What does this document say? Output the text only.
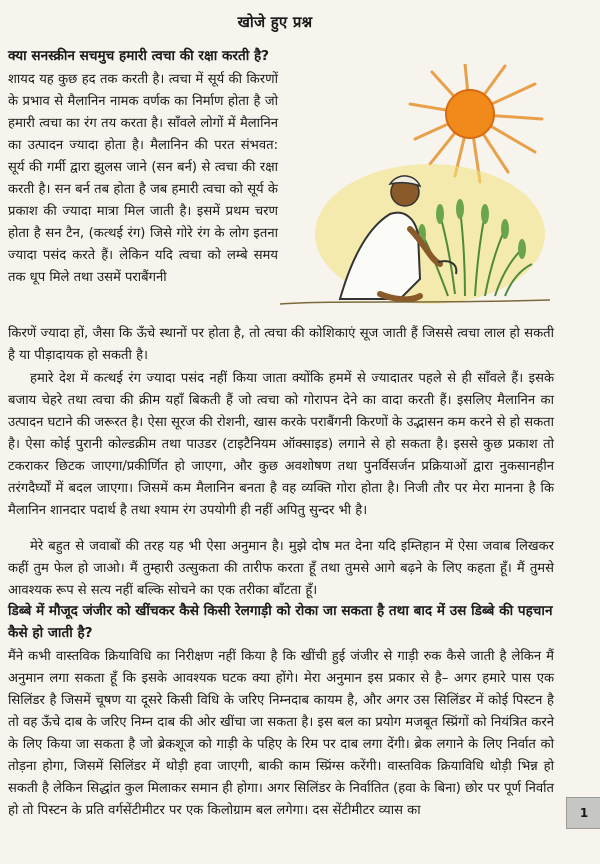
खोजे हुए प्रश्न
क्या सनस्क्रीन सचमुच हमारी त्वचा की रक्षा करती है?

शायद यह कुछ हद तक करती है। त्वचा में सूर्य की किरणों के प्रभाव से मैलानिन नामक वर्णक का निर्माण होता है जो हमारी त्वचा का रंग तय करता है। साँवले लोगों में मैलानिन का उत्पादन ज्यादा होता है। मैलानिन की परत संभवत: सूर्य की गर्मी द्वारा झुलस जाने (सन बर्न) से त्वचा की रक्षा करती है। सन बर्न तब होता है जब हमारी त्वचा को सूर्य के प्रकाश की ज्यादा मात्रा मिल जाती है। इसमें प्रथम चरण होता है सन टैन, (कत्थई रंग) जिसे गोरे रंग के लोग इतना ज्यादा पसंद करते हैं। लेकिन यदि त्वचा को लम्बे समय तक धूप मिले तथा उसमें पराबैंगनी

किरणें ज्यादा हों, जैसा कि ऊँचे स्थानों पर होता है, तो त्वचा की कोशिकाएं सूज जाती हैं जिससे त्वचा लाल हो सकती है या पीड़ादायक हो सकती है।

हमारे देश में कत्थई रंग ज्यादा पसंद नहीं किया जाता क्योंकि हममें से ज्यादातर पहले से ही साँवले हैं। इसके बजाय चेहरे तथा त्वचा की क्रीम यहाँ बिकती हैं जो त्वचा को गोरापन देने का वादा करती हैं। इसलिए मैलानिन का उत्पादन घटाने की जरूरत है। ऐसा सूरज की रोशनी, खास करके पराबैंगनी किरणों के उद्भासन कम करने से हो सकता है। ऐसा कोई पुरानी कोल्डक्रीम तथा पाउडर (टाइटैनियम ऑक्साइड) लगाने से हो सकता है। इससे कुछ प्रकाश तो टकराकर छिटक जाएगा/प्रकीर्णित हो जाएगा, और कुछ अवशोषण तथा पुनर्विसर्जन प्रक्रियाओं द्वारा नुकसानहीन तरंगदैर्घ्यों में बदल जाएगा। जिसमें कम मैलानिन बनता है वह व्यक्ति गोरा होता है। निजी तौर पर मेरा मानना है कि मैलानिन शानदार पदार्थ है तथा श्याम रंग उपयोगी ही नहीं अपितु सुन्दर भी है।

मेरे बहुत से जवाबों की तरह यह भी ऐसा अनुमान है। मुझे दोष मत देना यदि इम्तिहान में ऐसा जवाब लिखकर कहीं तुम फेल हो जाओ। मैं तुम्हारी उत्सुकता की तारीफ करता हूँ तथा तुमसे आगे बढ़ने के लिए कहता हूँ। मैं तुमसे आवश्यक रूप से सत्य नहीं बल्कि सोचने का एक तरीका बाँटता हूँ।

डिब्बे में मौजूद जंजीर को खींचकर कैसे किसी रेलगाड़ी को रोका जा सकता है तथा बाद में उस डिब्बे की पहचान कैसे हो जाती है?

मैंने कभी वास्तविक क्रियाविधि का निरीक्षण नहीं किया है कि खींची हुई जंजीर से गाड़ी रुक कैसे जाती है लेकिन मैं अनुमान लगा सकता हूँ कि इसके आवश्यक घटक क्या होंगे। मेरा अनुमान इस प्रकार से है– अगर हमारे पास एक सिलिंडर है जिसमें चूषण या दूसरे किसी विधि के जरिए निम्नदाब कायम है, और अगर उस सिलिंडर में कोई पिस्टन है तो वह ऊँचे दाब के जरिए निम्न दाब की ओर खींचा जा सकता है। इस बल का प्रयोग मजबूत स्प्रिंगों को नियंत्रित करने के लिए किया जा सकता है जो ब्रेकशूज को गाड़ी के पहिए के रिम पर दाब लगा देंगी। ब्रेक लगाने के लिए निर्वात को तोड़ना होगा, जिसमें सिलिंडर में थोड़ी हवा जाएगी, बाकी काम स्प्रिंग्स करेंगी। वास्तविक क्रियाविधि थोड़ी भिन्न हो सकती है लेकिन सिद्धांत कुल मिलाकर समान ही होगा। अगर सिलिंडर के निर्वातित (हवा के बिना) छोर पर पूर्ण निर्वात हो तो पिस्टन के प्रति वर्गसेंटीमीटर पर एक किलोग्राम बल लगेगा। दस सेंटीमीटर व्यास का	1
